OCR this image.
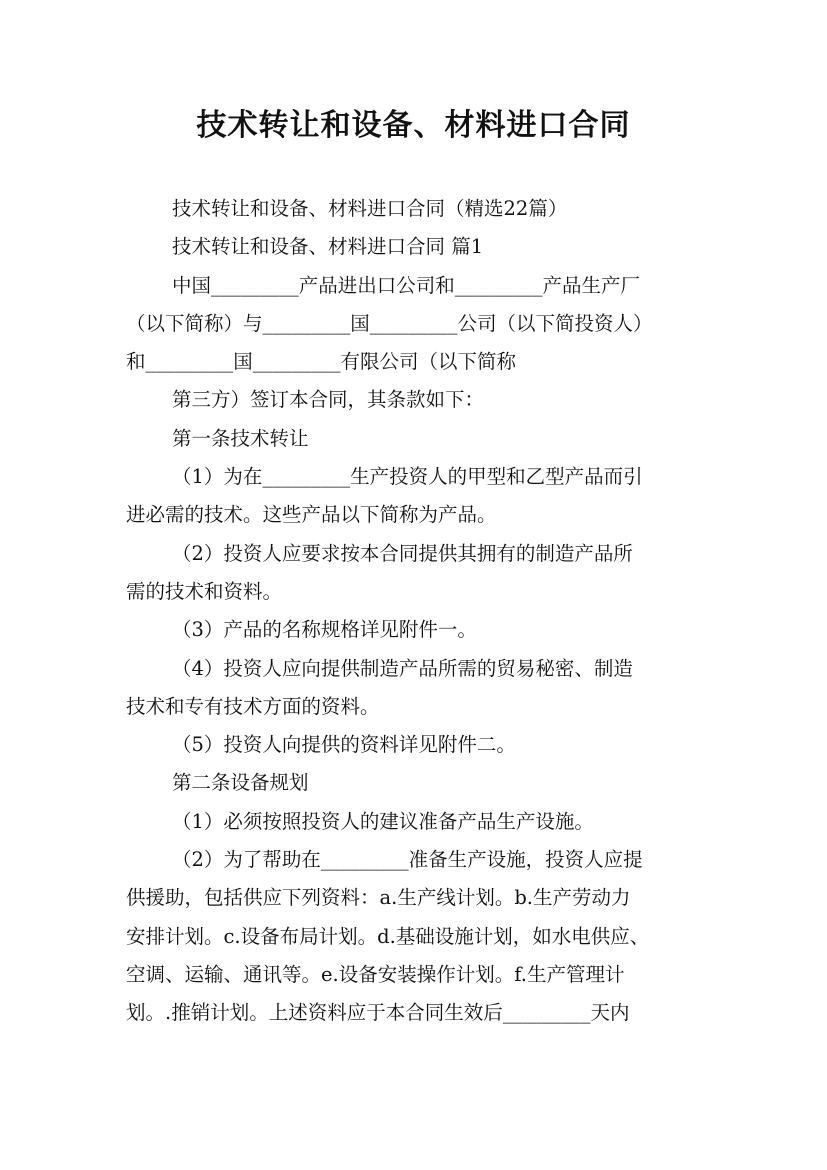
技术转让和设备、材料进口合同

技术转让和设备、材料进口合同（精选22篇）

技术转让和设备、材料进口合同 篇1

中国_________产品进出口公司和_________产品生产厂

（以下简称）与_________国_________公司（以下简投资人）

和_________国_________有限公司（以下简称

第三方）签订本合同，其条款如下：

第一条技术转让

（1）为在_________生产投资人的甲型和乙型产品而引

进必需的技术。这些产品以下简称为产品。

（2）投资人应要求按本合同提供其拥有的制造产品所

需的技术和资料。

（3）产品的名称规格详见附件一。

（4）投资人应向提供制造产品所需的贸易秘密、制造

技术和专有技术方面的资料。

（5）投资人向提供的资料详见附件二。

第二条设备规划

（1）必须按照投资人的建议准备产品生产设施。

（2）为了帮助在_________准备生产设施，投资人应提

供援助，包括供应下列资料：a.生产线计划。b.生产劳动力

安排计划。c.设备布局计划。d.基础设施计划，如水电供应、

空调、运输、通讯等。e.设备安装操作计划。f.生产管理计

划。.推销计划。上述资料应于本合同生效后_________天内
